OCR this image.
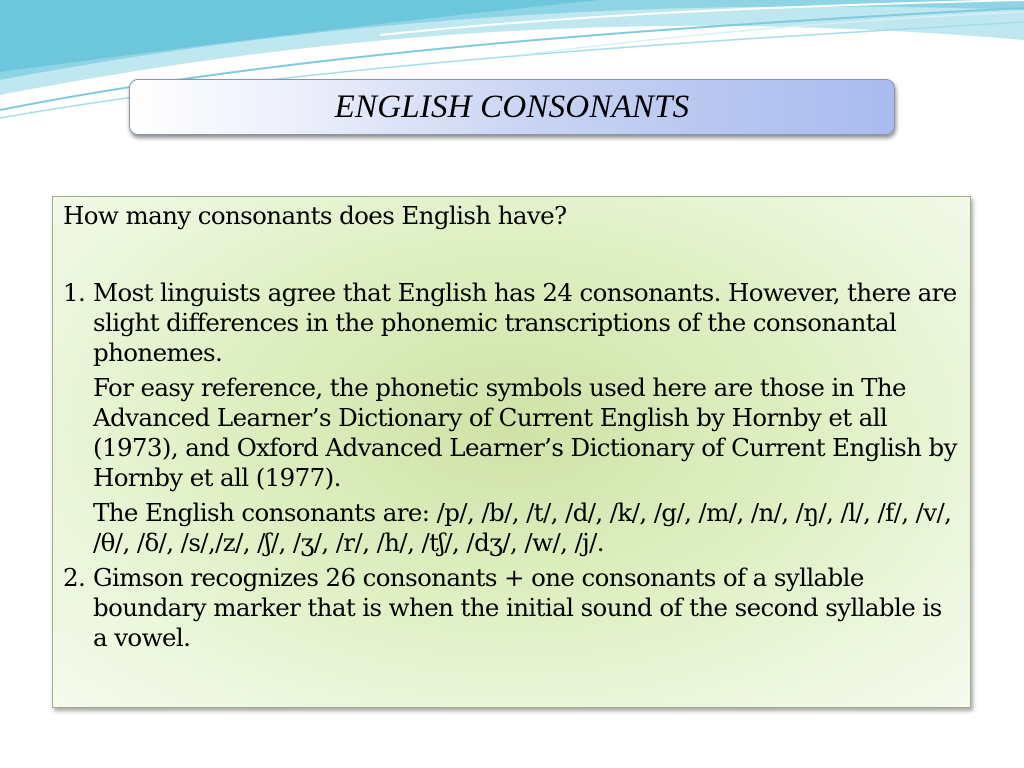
ENGLISH CONSONANTS

How many consonants does English have?

1. Most linguists agree that English has 24 consonants. However, there are slight differences in the phonemic transcriptions of the consonantal phonemes.

For easy reference, the phonetic symbols used here are those in The Advanced Learner’s Dictionary of Current English by Hornby et all (1973), and Oxford Advanced Learner’s Dictionary of Current English by Hornby et all (1977).

The English consonants are: /p/, /b/, /t/, /d/, /k/, /g/, /m/, /n/, /ŋ/, /l/, /f/, /v/, /θ/, /δ/, /s/,/z/, /ʃ/, /ʒ/, /r/, /h/, /tʃ/, /dʒ/, /w/, /j/.

2. Gimson recognizes 26 consonants + one consonants of a syllable boundary marker that is when the initial sound of the second syllable is a vowel.
